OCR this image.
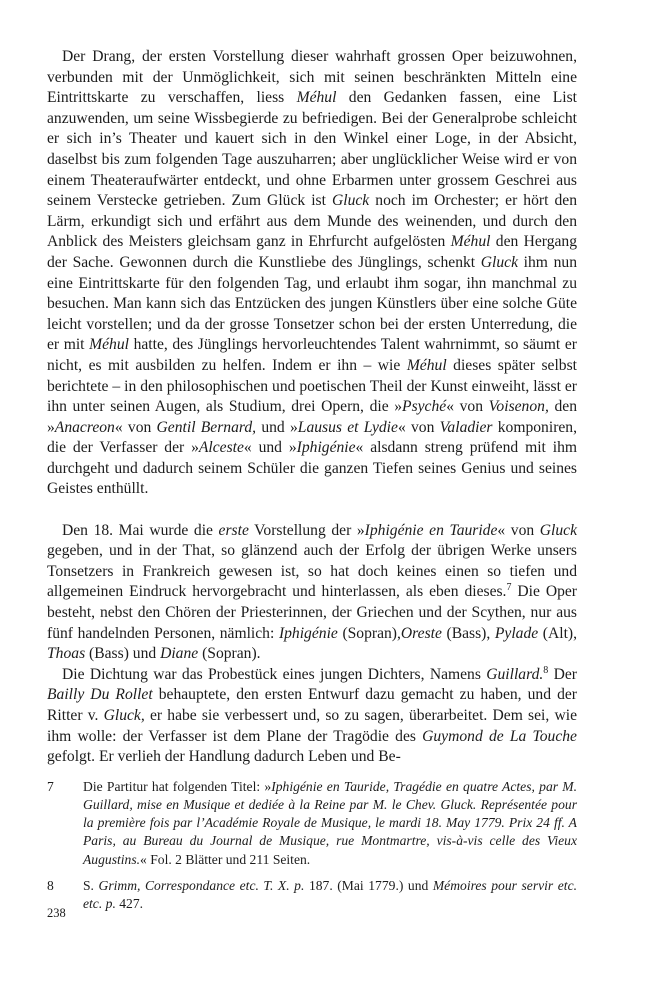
Der Drang, der ersten Vorstellung dieser wahrhaft grossen Oper beizuwohnen, verbunden mit der Unmöglichkeit, sich mit seinen beschränkten Mitteln eine Eintrittskarte zu verschaffen, liess Méhul den Gedanken fassen, eine List anzuwenden, um seine Wissbegierde zu befriedigen. Bei der Generalprobe schleicht er sich in’s Theater und kauert sich in den Winkel einer Loge, in der Absicht, daselbst bis zum folgenden Tage auszuharren; aber unglücklicher Weise wird er von einem Theateraufwärter entdeckt, und ohne Erbarmen unter grossem Geschrei aus seinem Verstecke getrieben. Zum Glück ist Gluck noch im Orchester; er hört den Lärm, erkundigt sich und erfährt aus dem Munde des weinenden, und durch den Anblick des Meisters gleichsam ganz in Ehrfurcht aufgelösten Méhul den Hergang der Sache. Gewonnen durch die Kunstliebe des Jünglings, schenkt Gluck ihm nun eine Eintrittskarte für den folgenden Tag, und erlaubt ihm sogar, ihn manchmal zu besuchen. Man kann sich das Entzücken des jungen Künstlers über eine solche Güte leicht vorstellen; und da der grosse Tonsetzer schon bei der ersten Unterredung, die er mit Méhul hatte, des Jünglings hervorleuchtendes Talent wahrnimmt, so säumt er nicht, es mit ausbilden zu helfen. Indem er ihn – wie Méhul dieses später selbst berichtete – in den philosophischen und poetischen Theil der Kunst einweiht, lässt er ihn unter seinen Augen, als Studium, drei Opern, die »Psyché« von Voisenon, den »Anacreon« von Gentil Bernard, und »Lausus et Lydie« von Valadier komponiren, die der Verfasser der »Alceste« und »Iphigénie« alsdann streng prüfend mit ihm durchgeht und dadurch seinem Schüler die ganzen Tiefen seines Genius und seines Geistes enthüllt.

Den 18. Mai wurde die erste Vorstellung der »Iphigénie en Tauride« von Gluck gegeben, und in der That, so glänzend auch der Erfolg der übrigen Werke unsers Tonsetzers in Frankreich gewesen ist, so hat doch keines einen so tiefen und allgemeinen Eindruck hervorgebracht und hinterlassen, als eben dieses.$^7$ Die Oper besteht, nebst den Chören der Priesterinnen, der Griechen und der Scythen, nur aus fünf handelnden Personen, nämlich: Iphigénie (Sopran),Oreste (Bass), Pylade (Alt), Thoas (Bass) und Diane (Sopran).

Die Dichtung war das Probestück eines jungen Dichters, Namens Guillard.$^8$ Der Bailly Du Rollet behauptete, den ersten Entwurf dazu gemacht zu haben, und der Ritter v. Gluck, er habe sie verbessert und, so zu sagen, überarbeitet. Dem sei, wie ihm wolle: der Verfasser ist dem Plane der Tragödie des Guymond de La Touche gefolgt. Er verlieh der Handlung dadurch Leben und Be-

7	Die Partitur hat folgenden Titel: »Iphigénie en Tauride, Tragédie en quatre Actes, par M. Guillard, mise en Musique et dediée à la Reine par M. le Chev. Gluck. Représentée pour la première fois par l’Académie Royale de Musique, le mardi 18. May 1779. Prix 24 ff. A Paris, au Bureau du Journal de Musique, rue Montmartre, vis-à-vis celle des Vieux Augustins.« Fol. 2 Blätter und 211 Seiten.
8	S. Grimm, Correspondance etc. T. X. p. 187. (Mai 1779.) und Mémoires pour servir etc. etc. p. 427.
238
